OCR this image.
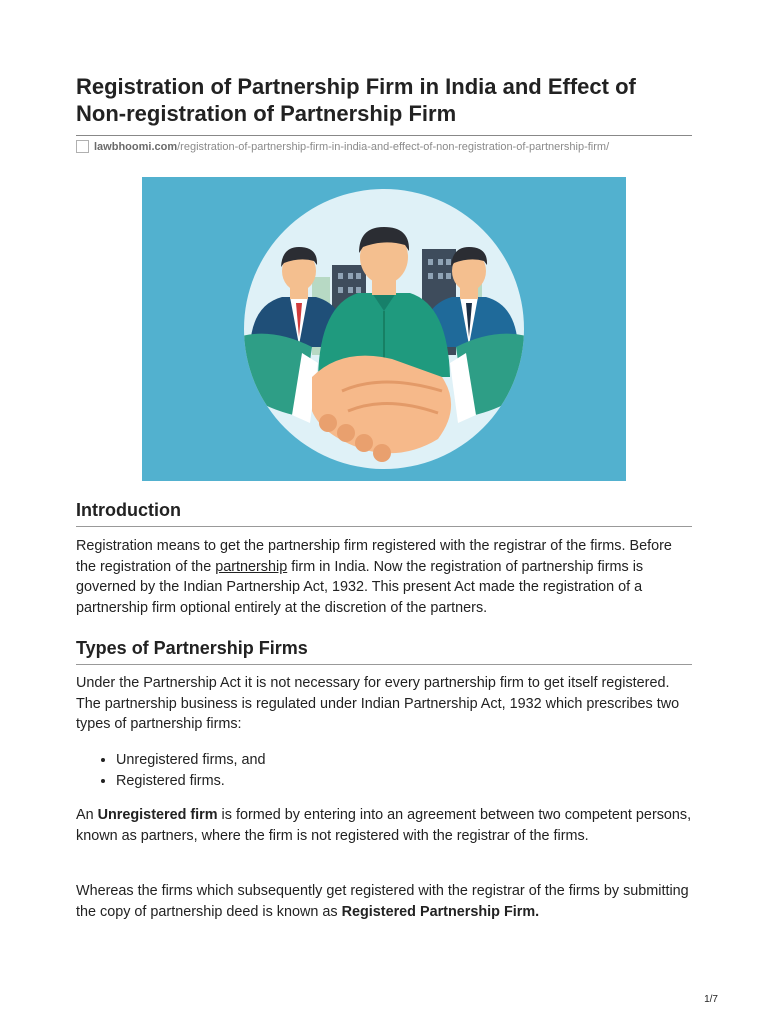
Registration of Partnership Firm in India and Effect of Non-registration of Partnership Firm
lawbhoomi.com/registration-of-partnership-firm-in-india-and-effect-of-non-registration-of-partnership-firm/
Introduction

Registration means to get the partnership firm registered with the registrar of the firms. Before the registration of the partnership firm in India. Now the registration of partnership firms is governed by the Indian Partnership Act, 1932. This present Act made the registration of a partnership firm optional entirely at the discretion of the partners.

Types of Partnership Firms

Under the Partnership Act it is not necessary for every partnership firm to get itself registered. The partnership business is regulated under Indian Partnership Act, 1932 which prescribes two types of partnership firms:

• Unregistered firms, and
• Registered firms.

An Unregistered firm is formed by entering into an agreement between two competent persons, known as partners, where the firm is not registered with the registrar of the firms.

Whereas the firms which subsequently get registered with the registrar of the firms by submitting the copy of partnership deed is known as Registered Partnership Firm.

1/7
